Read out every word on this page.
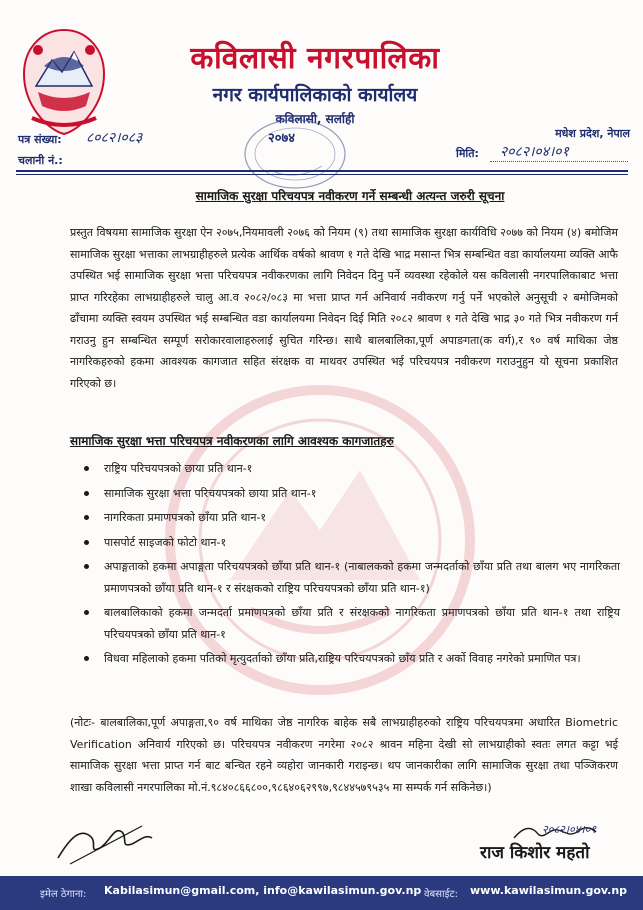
कविलासी नगरपालिका
नगर कार्यपालिकाको कार्यालय
कविलासी, सर्लाही
२०७४	मधेश प्रदेश, नेपाल
पत्र संख्या: ८०८२।०८३
चलानी नं.:
मिति: २०८२।०४।०१
सामाजिक सुरक्षा परिचयपत्र नवीकरण गर्ने सम्बन्धी अत्यन्त जरुरी सूचना
प्रस्तुत विषयमा सामाजिक सुरक्षा ऐन २०७५,नियमावली २०७६ को नियम (९) तथा सामाजिक सुरक्षा कार्यविधि २०७७ को नियम (४) बमोजिम सामाजिक सुरक्षा भत्ताका लाभग्राहीहरुले प्रत्येक आर्थिक वर्षको श्रावण १ गते देखि भाद्र मसान्त भित्र सम्बन्धित वडा कार्यालयमा व्यक्ति आफै उपस्थित भई सामाजिक सुरक्षा भत्ता परिचयपत्र नवीकरणका लागि निवेदन दिनु पर्ने व्यवस्था रहेकोले यस कविलासी नगरपालिकाबाट भत्ता प्राप्त गरिरहेका लाभग्राहीहरुले चालु आ.व २०८२/०८३ मा भत्ता प्राप्त गर्न अनिवार्य नवीकरण गर्नु पर्ने भएकोले अनुसूची २ बमोजिमको ढाँचामा व्यक्ति स्वयम उपस्थित भई सम्बन्धित वडा कार्यालयमा निवेदन दिई मिति २०८२ श्रावण १ गते देखि भाद्र ३० गते भित्र नवीकरण गर्न गराउनु हुन सम्बन्धित सम्पूर्ण सरोकारवालाहरुलाई सुचित गरिन्छ। साथै बालबालिका,पूर्ण अपाङगता(क वर्ग),र ९० वर्ष माथिका जेष्ठ नागरिकहरुको हकमा आवश्यक कागजात सहित संरक्षक वा माथवर उपस्थित भई परिचयपत्र नवीकरण गराउनुहुन यो सूचना प्रकाशित गरिएको छ।
सामाजिक सुरक्षा भत्ता परिचयपत्र नवीकरणका लागि आवश्यक कागजातहरु
राष्ट्रिय परिचयपत्रको छाया प्रति थान-१
सामाजिक सुरक्षा भत्ता परिचयपत्रको छाया प्रति थान-१
नागरिकता प्रमाणपत्रको छाँया प्रति थान-१
पासपोर्ट साइजको फोटो थान-१
अपाङ्गताको हकमा अपाङ्गता परिचयपत्रको छाँया प्रति थान-१ (नाबालकको हकमा जन्मदर्ताको छाँया प्रति तथा बालग भए नागरिकता प्रमाणपत्रको छाँया प्रति थान-१ र संरक्षकको राष्ट्रिय परिचयपत्रको छाँया प्रति थान-१)
बालबालिकाको हकमा जन्मदर्ता प्रमाणपत्रको छाँया प्रति र संरक्षकको नागरिकता प्रमाणपत्रको छाँया प्रति थान-१ तथा राष्ट्रिय परिचयपत्रको छाँया प्रति थान-१
विधवा महिलाको हकमा पतिको मृत्युदर्ताको छाँया प्रति,राष्ट्रिय परिचयपत्रको छाँय प्रति र अर्को विवाह नगरेको प्रमाणित पत्र।
(नोटः- बालबालिका,पूर्ण अपाङ्गता,९० वर्ष माथिका जेष्ठ नागरिक बाहेक सबै लाभग्राहीहरुको राष्ट्रिय परिचयपत्रमा अधारित Biometric Verification अनिवार्य गरिएको छ। परिचयपत्र नवीकरण नगरेमा २०८२ श्रावन महिना देखी सो लाभग्राहीको स्वतः लगत कट्टा भई सामाजिक सुरक्षा भत्ता प्राप्त गर्न बाट बन्चित रहने व्यहोरा जानकारी गराइन्छ। थप जानकारीका लागि सामाजिक सुरक्षा तथा पञ्जिकरण शाखा कविलासी नगरपालिका मो.नं.९८४०८६६८००,९८६४०६२९९७,९८४४५७९५३५ मा सम्पर्क गर्न सकिनेछ।)
२०८२।०४।०१
राज किशोर महतो
इमेल ठेगाना: Kabilasimun@gmail.com, info@kawilasimun.gov.np वेबसाईट: www.kawilasimun.gov.np
